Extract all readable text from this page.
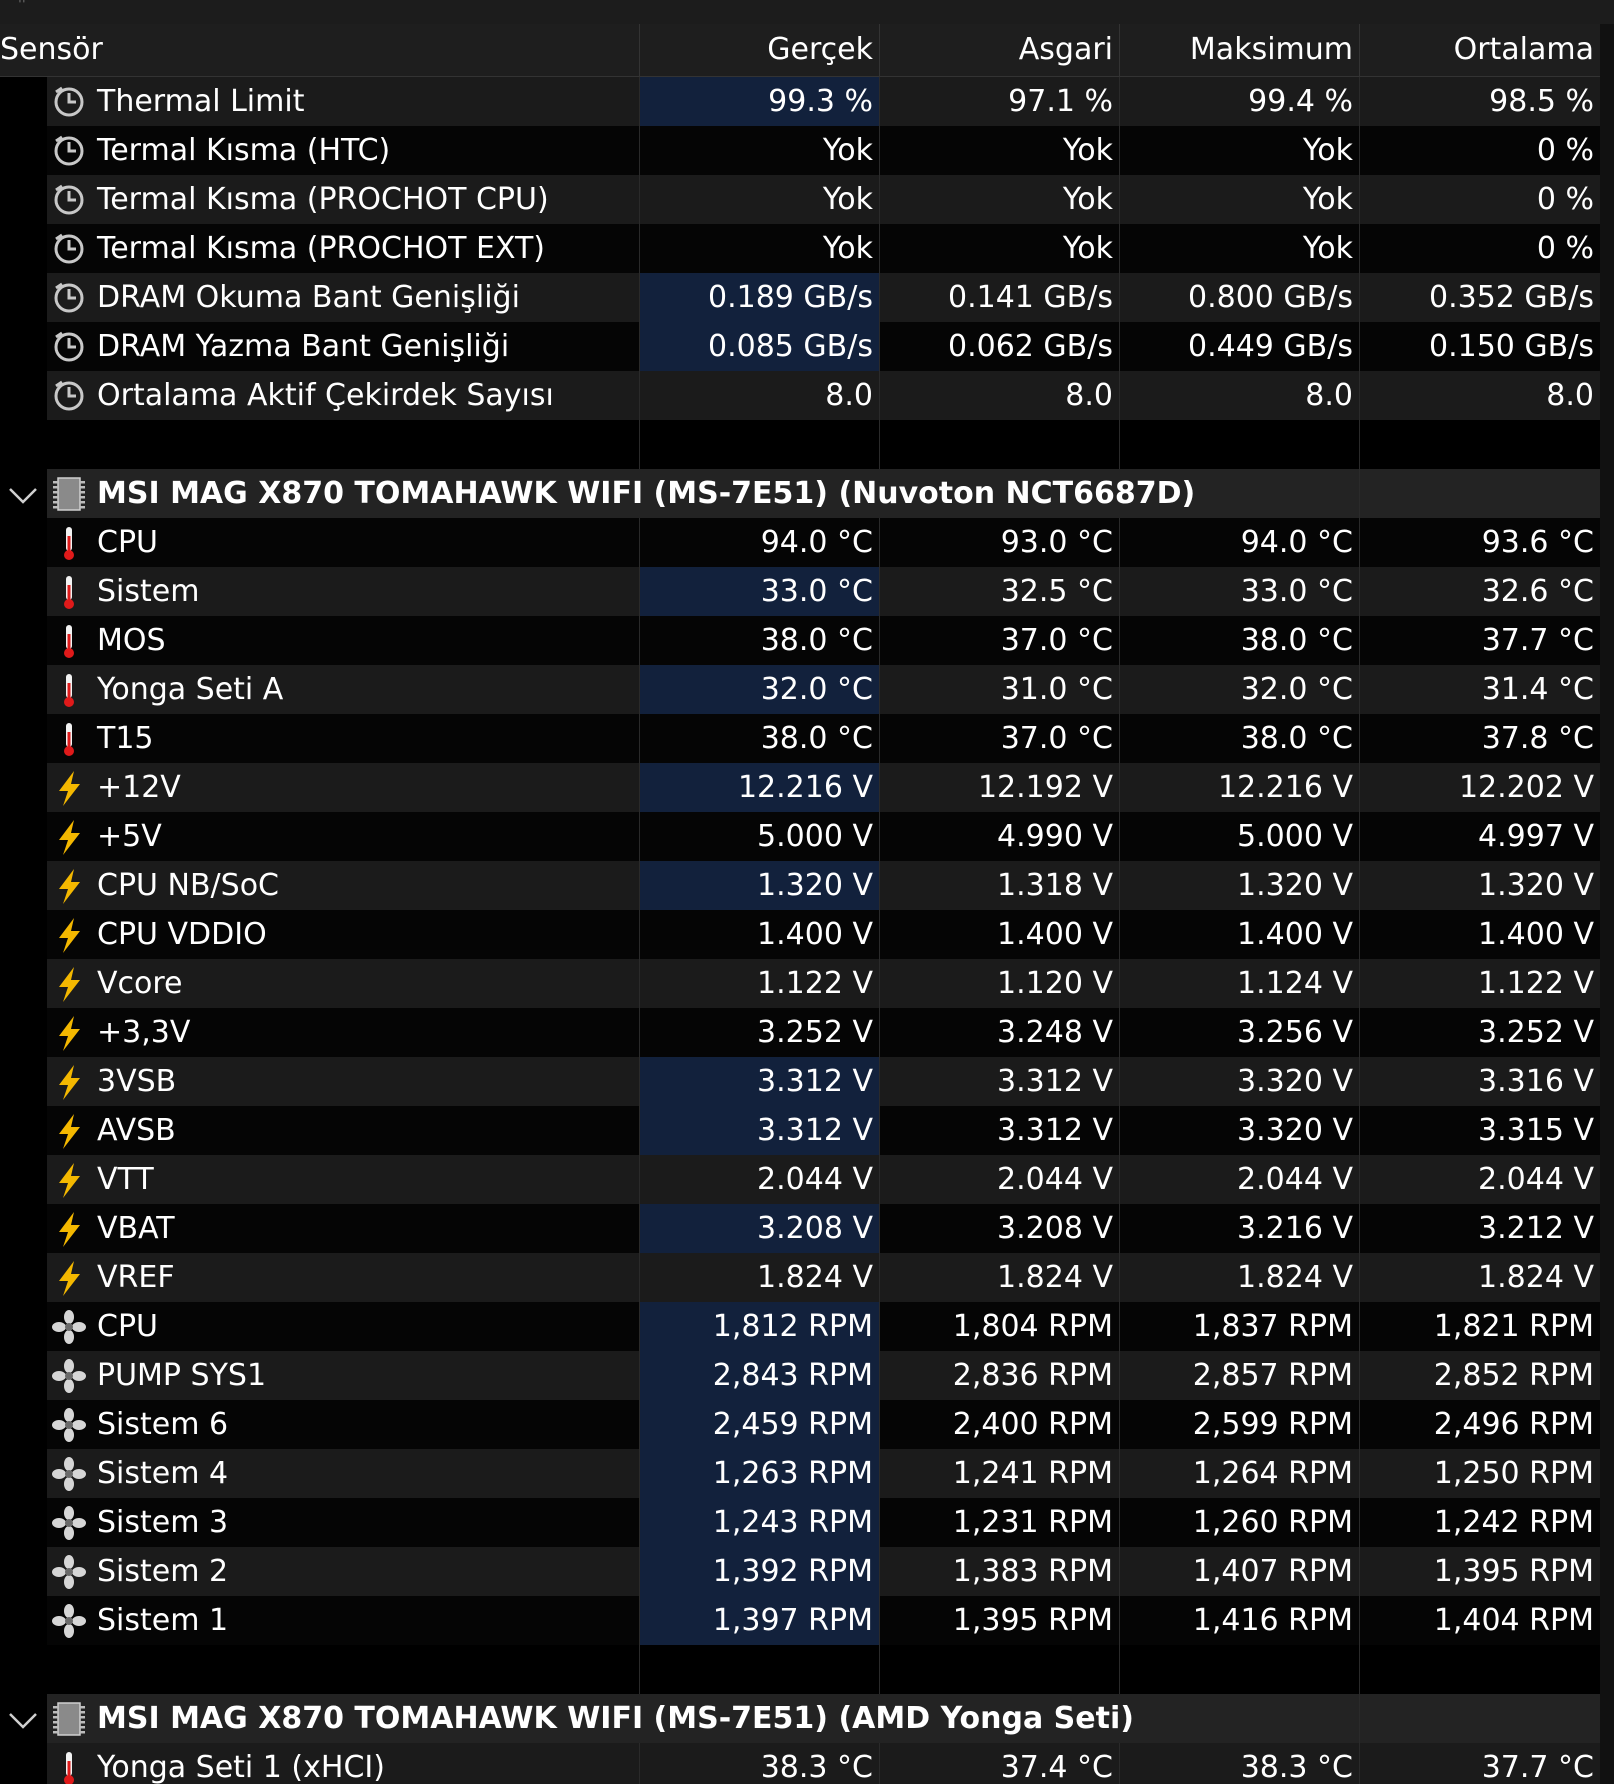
''
Sensör	Gerçek	Asgari	Maksimum	Ortalama
Thermal Limit	99.3 %	97.1 %	99.4 %	98.5 %
Termal Kısma (HTC)	Yok	Yok	Yok	0 %
Termal Kısma (PROCHOT CPU)	Yok	Yok	Yok	0 %
Termal Kısma (PROCHOT EXT)	Yok	Yok	Yok	0 %
DRAM Okuma Bant Genişliği	0.189 GB/s	0.141 GB/s	0.800 GB/s	0.352 GB/s
DRAM Yazma Bant Genişliği	0.085 GB/s	0.062 GB/s	0.449 GB/s	0.150 GB/s
Ortalama Aktif Çekirdek Sayısı	8.0	8.0	8.0	8.0
MSI MAG X870 TOMAHAWK WIFI (MS-7E51) (Nuvoton NCT6687D)
CPU	94.0 °C	93.0 °C	94.0 °C	93.6 °C
Sistem	33.0 °C	32.5 °C	33.0 °C	32.6 °C
MOS	38.0 °C	37.0 °C	38.0 °C	37.7 °C
Yonga Seti A	32.0 °C	31.0 °C	32.0 °C	31.4 °C
T15	38.0 °C	37.0 °C	38.0 °C	37.8 °C
+12V	12.216 V	12.192 V	12.216 V	12.202 V
+5V	5.000 V	4.990 V	5.000 V	4.997 V
CPU NB/SoC	1.320 V	1.318 V	1.320 V	1.320 V
CPU VDDIO	1.400 V	1.400 V	1.400 V	1.400 V
Vcore	1.122 V	1.120 V	1.124 V	1.122 V
+3,3V	3.252 V	3.248 V	3.256 V	3.252 V
3VSB	3.312 V	3.312 V	3.320 V	3.316 V
AVSB	3.312 V	3.312 V	3.320 V	3.315 V
VTT	2.044 V	2.044 V	2.044 V	2.044 V
VBAT	3.208 V	3.208 V	3.216 V	3.212 V
VREF	1.824 V	1.824 V	1.824 V	1.824 V
CPU	1,812 RPM	1,804 RPM	1,837 RPM	1,821 RPM
PUMP SYS1	2,843 RPM	2,836 RPM	2,857 RPM	2,852 RPM
Sistem 6	2,459 RPM	2,400 RPM	2,599 RPM	2,496 RPM
Sistem 4	1,263 RPM	1,241 RPM	1,264 RPM	1,250 RPM
Sistem 3	1,243 RPM	1,231 RPM	1,260 RPM	1,242 RPM
Sistem 2	1,392 RPM	1,383 RPM	1,407 RPM	1,395 RPM
Sistem 1	1,397 RPM	1,395 RPM	1,416 RPM	1,404 RPM
MSI MAG X870 TOMAHAWK WIFI (MS-7E51) (AMD Yonga Seti)
Yonga Seti 1 (xHCI)	38.3 °C	37.4 °C	38.3 °C	37.7 °C
